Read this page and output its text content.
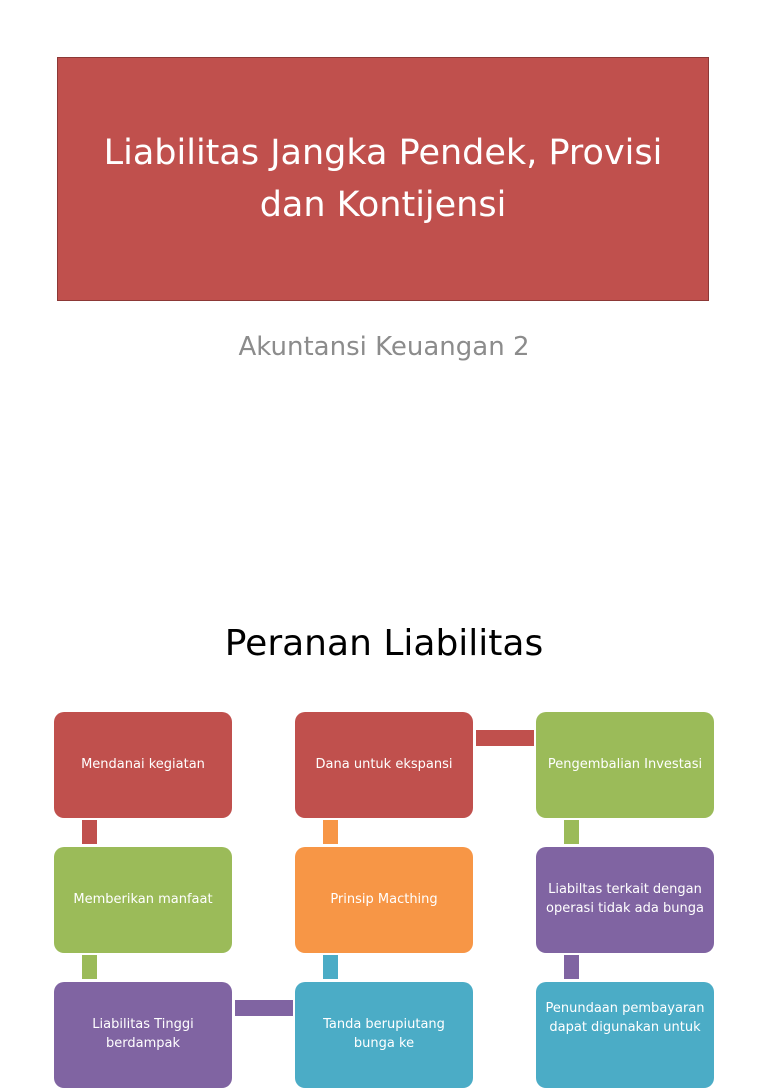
Liabilitas Jangka Pendek, Provisi
dan Kontijensi
Akuntansi Keuangan 2
Peranan Liabilitas
Mendanai kegiatan	Dana untuk ekspansi	Pengembalian Investasi
Memberikan manfaat	Prinsip Macthing
Liabiltas terkait dengan operasi tidak ada bunga
Liabilitas Tinggi berdampak
Tanda berupiutang bunga ke
Penundaan pembayaran dapat digunakan untuk
